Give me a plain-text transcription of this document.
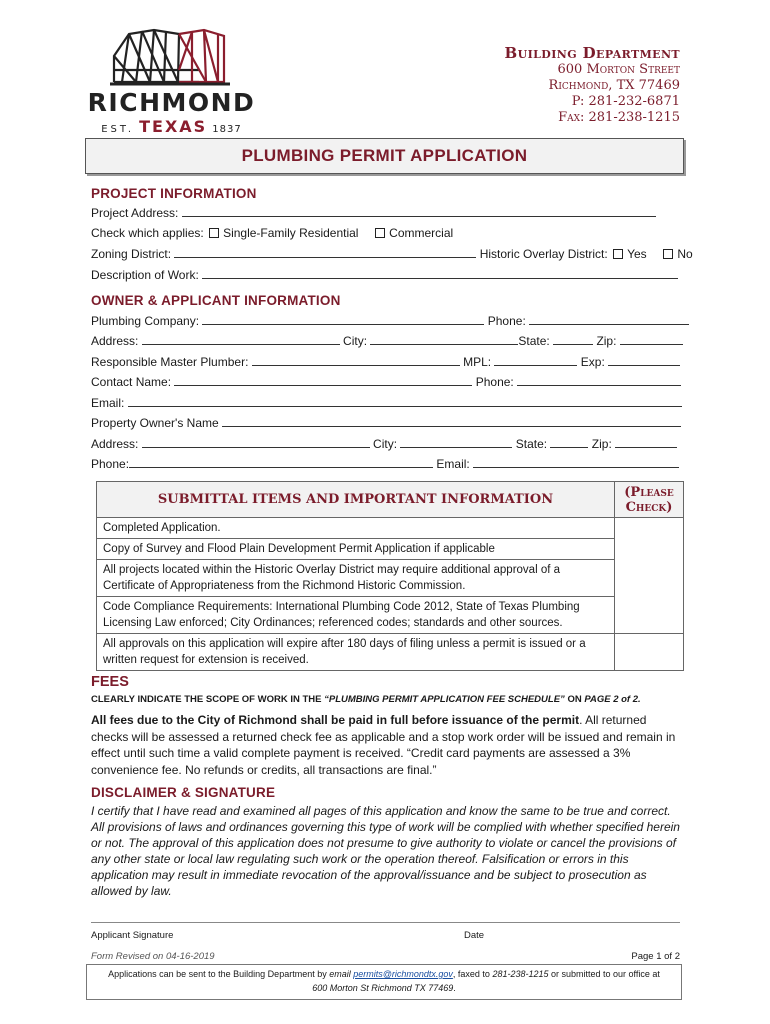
RICHMOND
EST. TEXAS 1837
Building Department
600 Morton Street
Richmond, TX 77469
P: 281-232-6871
Fax: 281-238-1215
PLUMBING PERMIT APPLICATION
PROJECT INFORMATION
Project Address:
Check which applies: Single-Family Residential	Commercial
Zoning District:	Historic Overlay District: Yes	No
Description of Work:
OWNER & APPLICANT INFORMATION
Plumbing Company:	Phone:
Address:	City:	State:	Zip:
Responsible Master Plumber:	MPL:	Exp:
Contact Name:	Phone:
Email:
Property Owner's Name
Address:	City:	State:	Zip:
Phone:	Email:
SUBMITTAL ITEMS AND IMPORTANT INFORMATION	(Please Check)
Completed Application.	
Copy of Survey and Flood Plain Development Permit Application if applicable	
All projects located within the Historic Overlay District may require additional approval of a Certificate of Appropriateness from the Richmond Historic Commission.	
Code Compliance Requirements: International Plumbing Code 2012, State of Texas Plumbing Licensing Law enforced; City Ordinances; referenced codes; standards and other sources.	
All approvals on this application will expire after 180 days of filing unless a permit is issued or a written request for extension is received.	
FEES
CLEARLY INDICATE THE SCOPE OF WORK IN THE “PLUMBING PERMIT APPLICATION FEE SCHEDULE” ON PAGE 2 of 2.
All fees due to the City of Richmond shall be paid in full before issuance of the permit. All returned checks will be assessed a returned check fee as applicable and a stop work order will be issued and remain in effect until such time a valid complete payment is received. “Credit card payments are assessed a 3% convenience fee. No refunds or credits, all transactions are final.”
DISCLAIMER & SIGNATURE
I certify that I have read and examined all pages of this application and know the same to be true and correct. All provisions of laws and ordinances governing this type of work will be complied with whether specified herein or not. The approval of this application does not presume to give authority to violate or cancel the provisions of any other state or local law regulating such work or the operation thereof. Falsification or errors in this application may result in immediate revocation of the approval/issuance and be subject to prosecution as allowed by law.
Applicant Signature	Date
Form Revised on 04-16-2019	Page 1 of 2
Applications can be sent to the Building Department by email permits@richmondtx.gov, faxed to 281-238-1215 or submitted to our office at
600 Morton St Richmond TX 77469.
